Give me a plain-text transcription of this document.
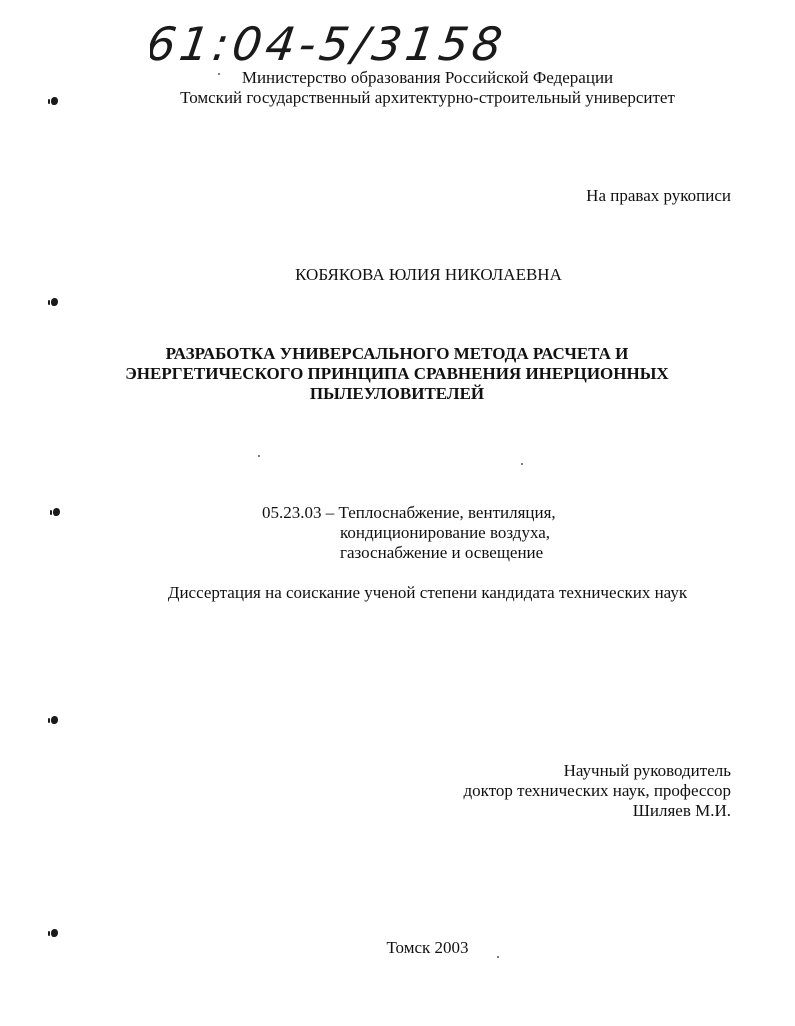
61:04-5/3158
Министерство образования Российской Федерации
Томский государственный архитектурно-строительный университет
На правах рукописи
КОБЯКОВА ЮЛИЯ НИКОЛАЕВНА
РАЗРАБОТКА УНИВЕРСАЛЬНОГО МЕТОДА РАСЧЕТА И
ЭНЕРГЕТИЧЕСКОГО ПРИНЦИПА СРАВНЕНИЯ ИНЕРЦИОННЫХ
ПЫЛЕУЛОВИТЕЛЕЙ
05.23.03 – Теплоснабжение, вентиляция,
кондиционирование воздуха,
газоснабжение и освещение
Диссертация на соискание ученой степени кандидата технических наук
Научный руководитель
доктор технических наук, профессор
Шиляев М.И.
Томск 2003
